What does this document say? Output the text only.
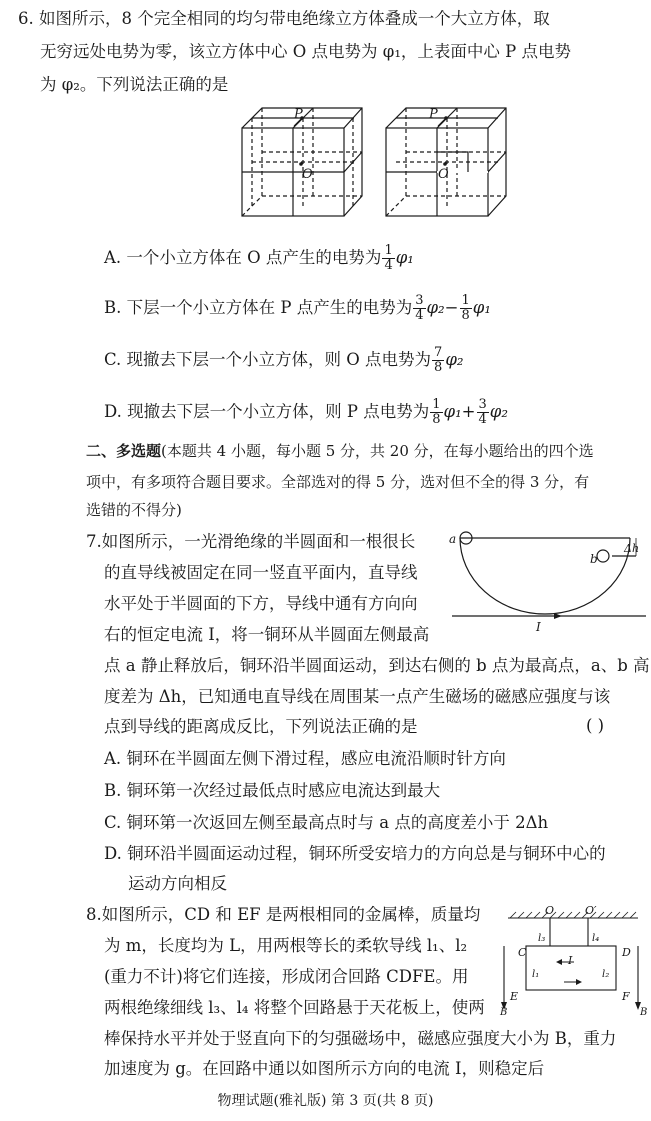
6. 如图所示，8 个完全相同的均匀带电绝缘立方体叠成一个大立方体，取
无穷远处电势为零，该立方体中心 O 点电势为 φ₁，上表面中心 P 点电势
为 φ₂。下列说法正确的是
P
O
P
O
A. 一个小立方体在 O 点产生的电势为 $\frac{1}{4} \varphi_1$
B. 下层一个小立方体在 P 点产生的电势为 $\frac{3}{4} \varphi_2- \frac{1}{8} \varphi_1$
C. 现撤去下层一个小立方体，则 O 点电势为 $\frac{7}{8} \varphi_2$
D. 现撤去下层一个小立方体，则 P 点电势为 $\frac{1}{8} \varphi_1+ \frac{3}{4} \varphi_2$
二、多选题(本题共 4 小题，每小题 5 分，共 20 分，在每小题给出的四个选
项中，有多项符合题目要求。全部选对的得 5 分，选对但不全的得 3 分，有
选错的不得分)
7.如图所示，一光滑绝缘的半圆面和一根很长
的直导线被固定在同一竖直平面内，直导线
水平处于半圆面的下方，导线中通有方向向
右的恒定电流 I，将一铜环从半圆面左侧最高
点 a 静止释放后，铜环沿半圆面运动，到达右侧的 b 点为最高点，a、b 高
度差为 Δh，已知通电直导线在周围某一点产生磁场的磁感应强度与该
点到导线的距离成反比，下列说法正确的是	( )
a
b
Δh
I
A. 铜环在半圆面左侧下滑过程，感应电流沿顺时针方向
B. 铜环第一次经过最低点时感应电流达到最大
C. 铜环第一次返回左侧至最高点时与 a 点的高度差小于 2Δh
D. 铜环沿半圆面运动过程，铜环所受安培力的方向总是与铜环中心的
运动方向相反
8.如图所示，CD 和 EF 是两根相同的金属棒，质量均
为 m，长度均为 L，用两根等长的柔软导线 l₁、l₂
(重力不计)将它们连接，形成闭合回路 CDFE。用
两根绝缘细线 l₃、l₄ 将整个回路悬于天花板上，使两
棒保持水平并处于竖直向下的匀强磁场中，磁感应强度大小为 B，重力
加速度为 g。在回路中通以如图所示方向的电流 I，则稳定后
O	O′
C	D
E	F
l₃	l₄
l₁	l₂
I
B	B
物理试题(雅礼版) 第 3 页(共 8 页)
